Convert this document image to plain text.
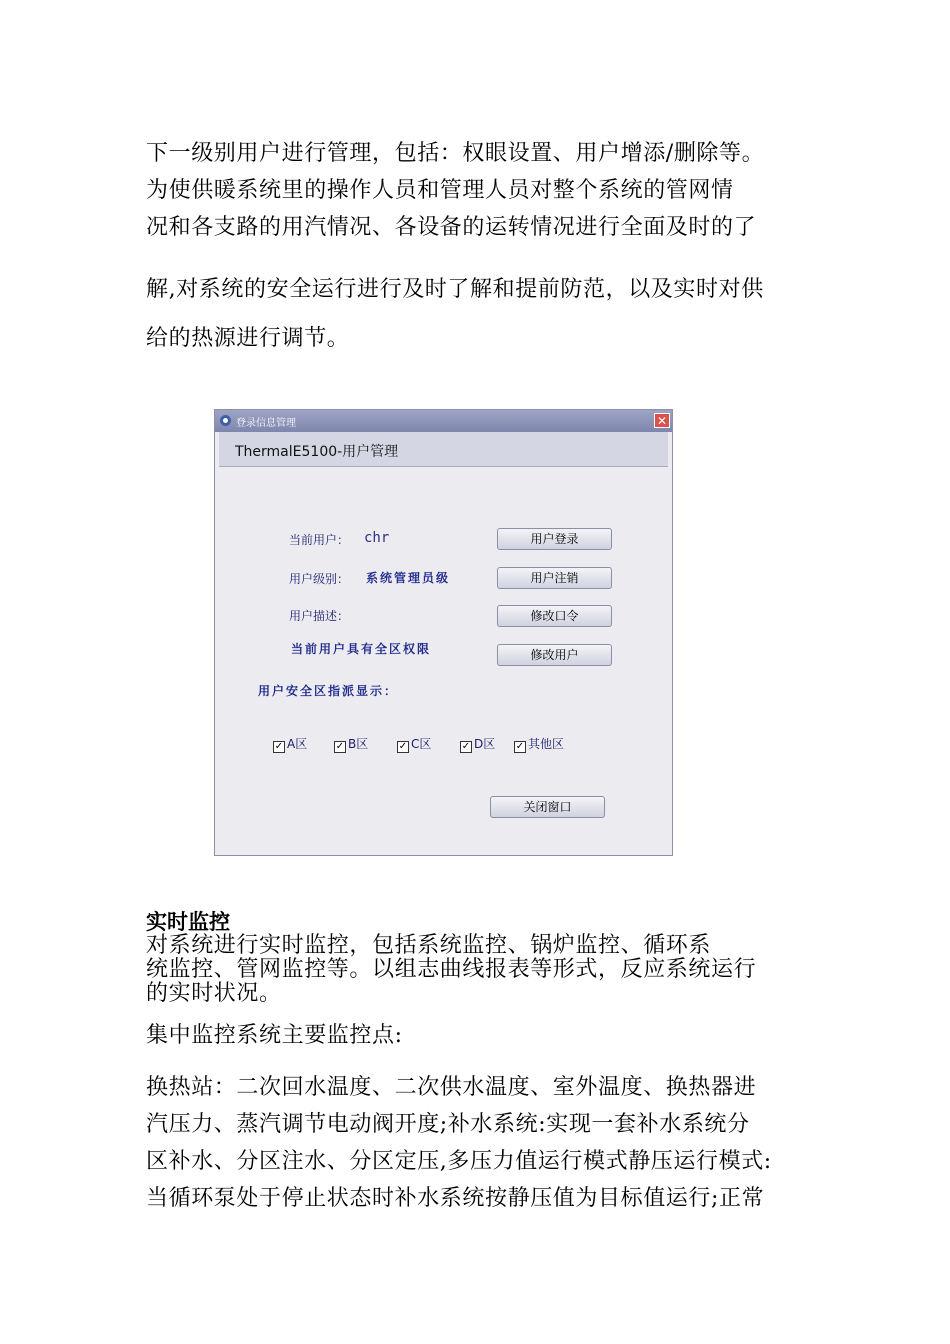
下一级别用户进行管理，包括：权眼设置、用户增添/删除等。
为使供暖系统里的操作人员和管理人员对整个系统的管网情
况和各支路的用汽情况、各设备的运转情况进行全面及时的了
解,对系统的安全运行进行及时了解和提前防范，以及实时对供
给的热源进行调节。
登录信息管理	✕
ThermalE5100-用户管理
当前用户： chr	用户登录
用户级别： 系统管理员级	用户注销
用户描述：	修改口令
当前用户具有全区权限	修改用户
用户安全区指派显示：
✓ A区	✓ B区	✓ C区	✓ D区 ✓ 其他区
关闭窗口
实时监控
对系统进行实时监控，包括系统监控、锅炉监控、循环系
统监控、管网监控等。以组志曲线报表等形式，反应系统运行
的实时状况。
集中监控系统主要监控点:
换热站：二次回水温度、二次供水温度、室外温度、换热器进
汽压力、蒸汽调节电动阀开度;补水系统:实现一套补水系统分
区补水、分区注水、分区定压,多压力值运行模式静压运行模式:
当循环泵处于停止状态时补水系统按静压值为目标值运行;正常
